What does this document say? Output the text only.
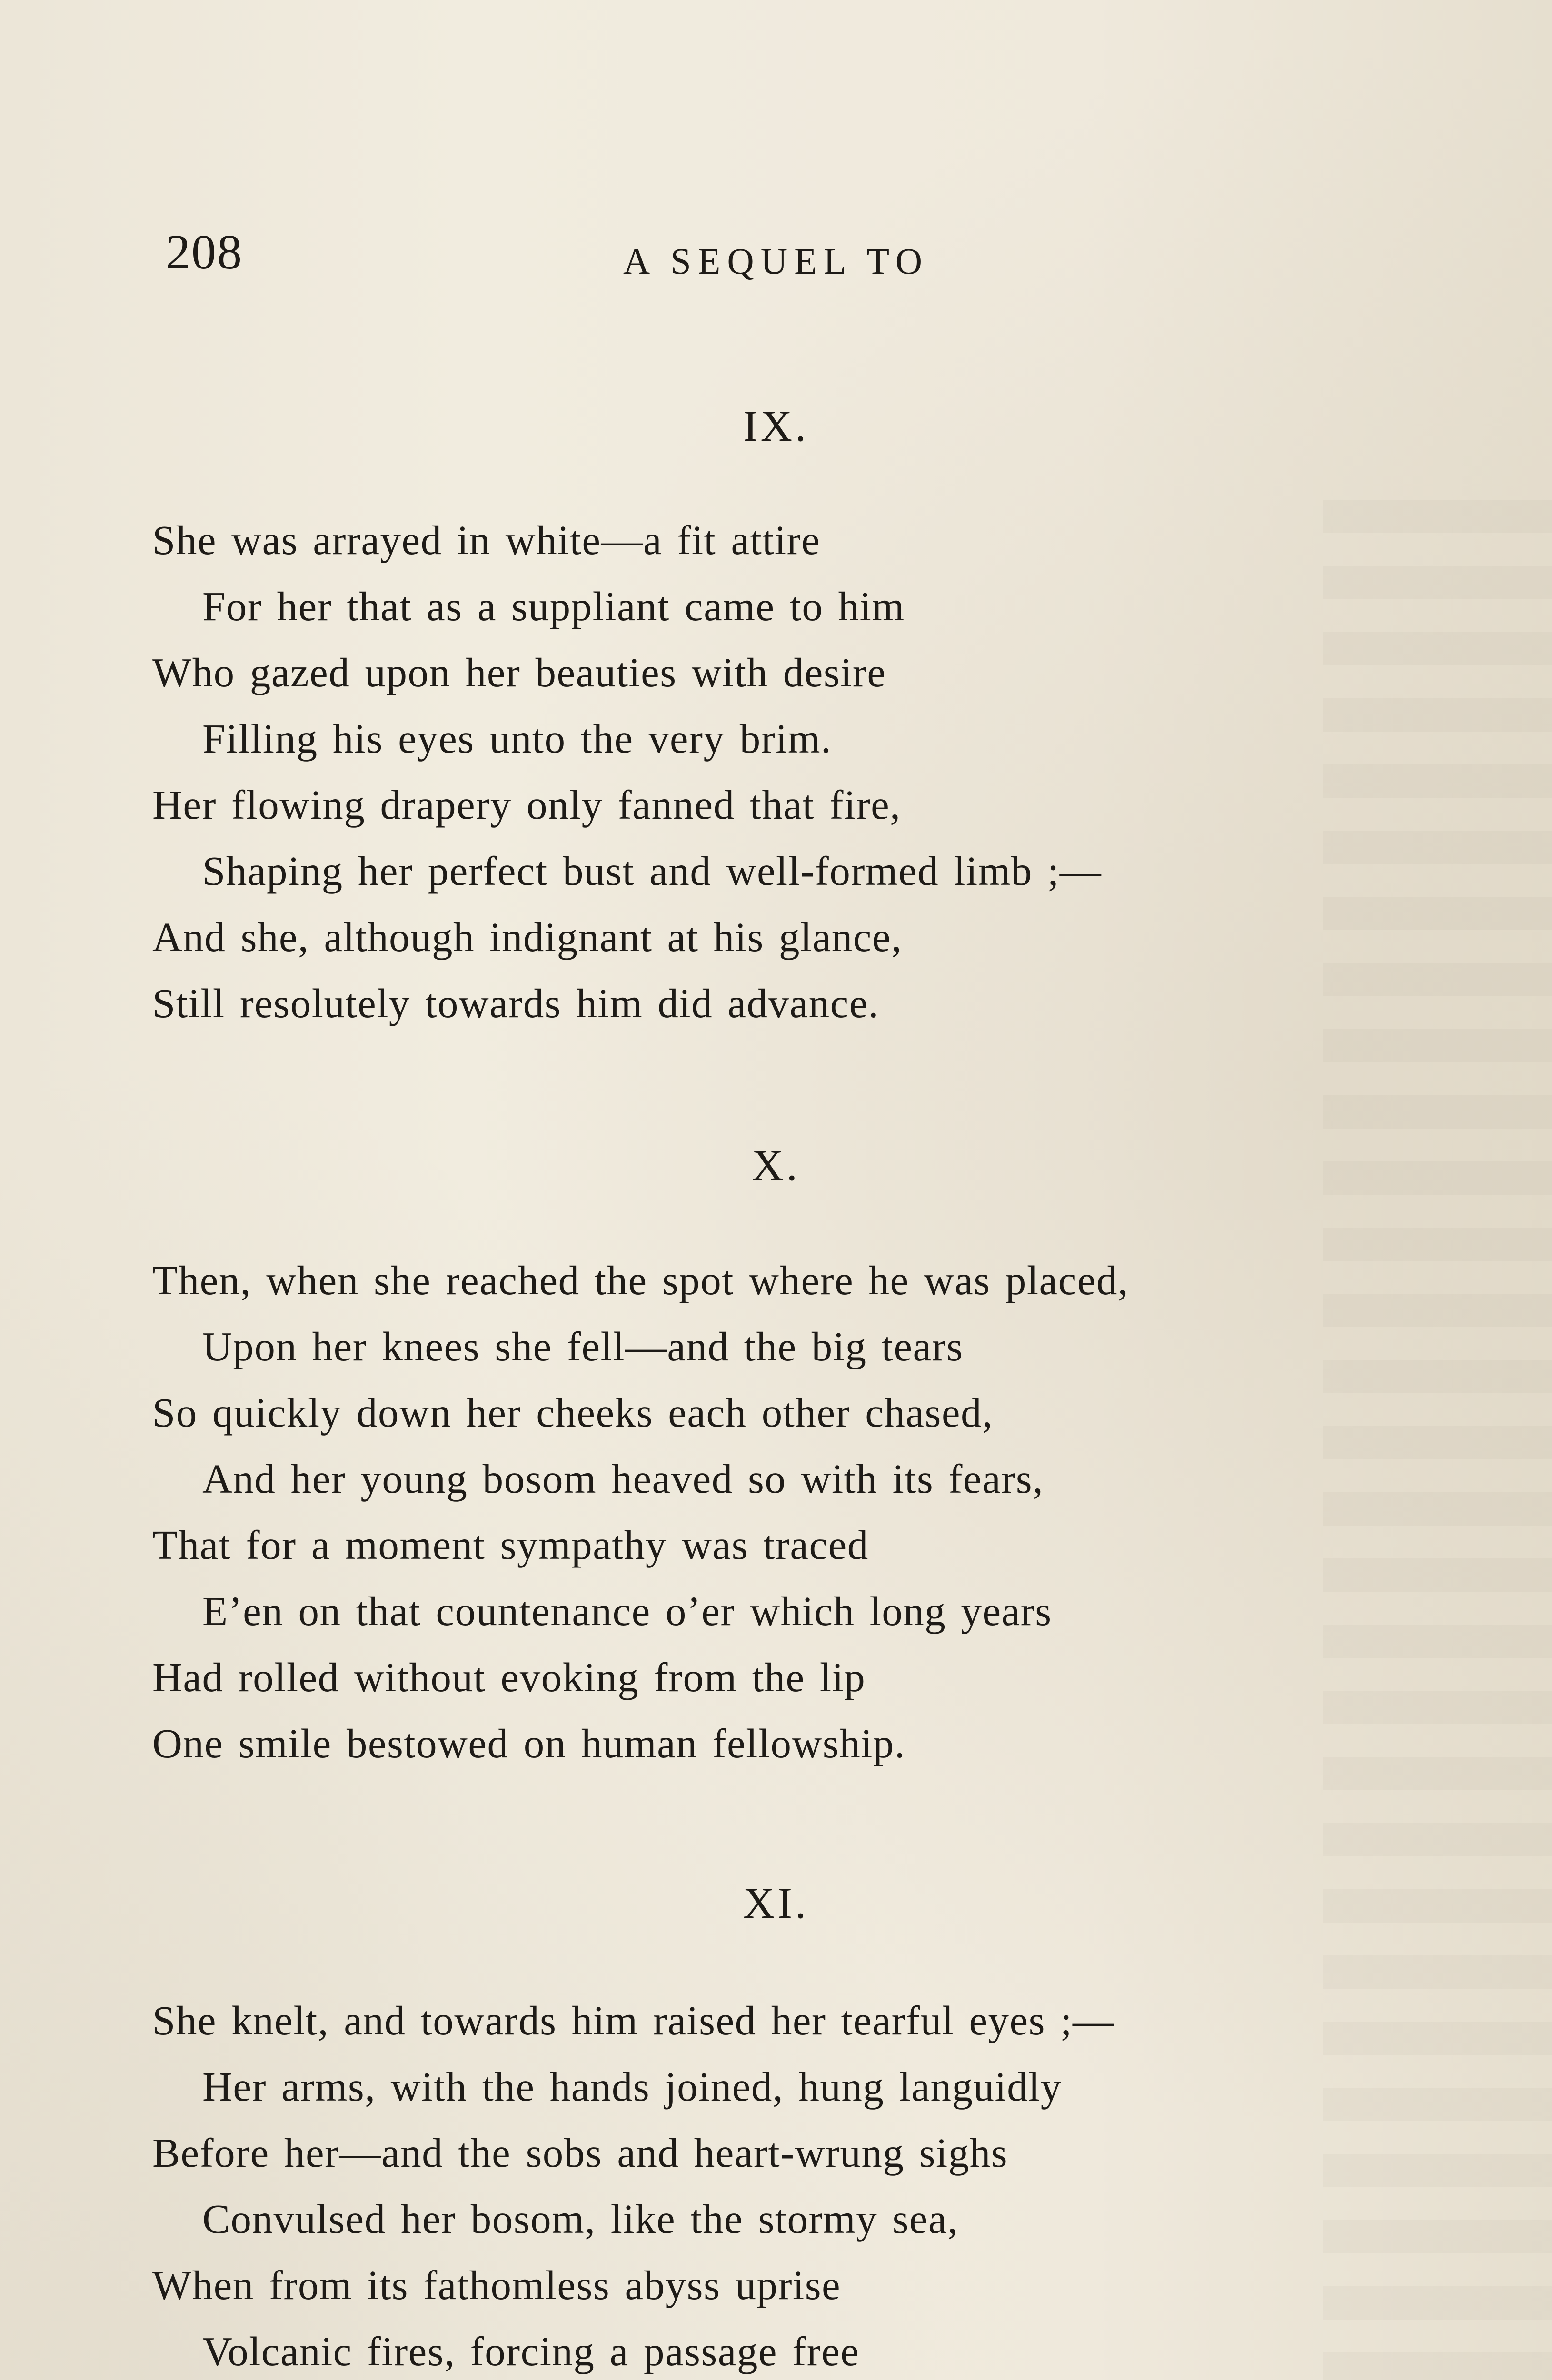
208	A SEQUEL TO
IX.
She was arrayed in white—a fit attire
For her that as a suppliant came to him
Who gazed upon her beauties with desire
Filling his eyes unto the very brim.
Her flowing drapery only fanned that fire,
Shaping her perfect bust and well-formed limb ;—
And she, although indignant at his glance,
Still resolutely towards him did advance.
X.
Then, when she reached the spot where he was placed,
Upon her knees she fell—and the big tears
So quickly down her cheeks each other chased,
And her young bosom heaved so with its fears,
That for a moment sympathy was traced
E’en on that countenance o’er which long years
Had rolled without evoking from the lip
One smile bestowed on human fellowship.
XI.
She knelt, and towards him raised her tearful eyes ;—
Her arms, with the hands joined, hung languidly
Before her—and the sobs and heart-wrung sighs
Convulsed her bosom, like the stormy sea,
When from its fathomless abyss uprise
Volcanic fires, forcing a passage free
